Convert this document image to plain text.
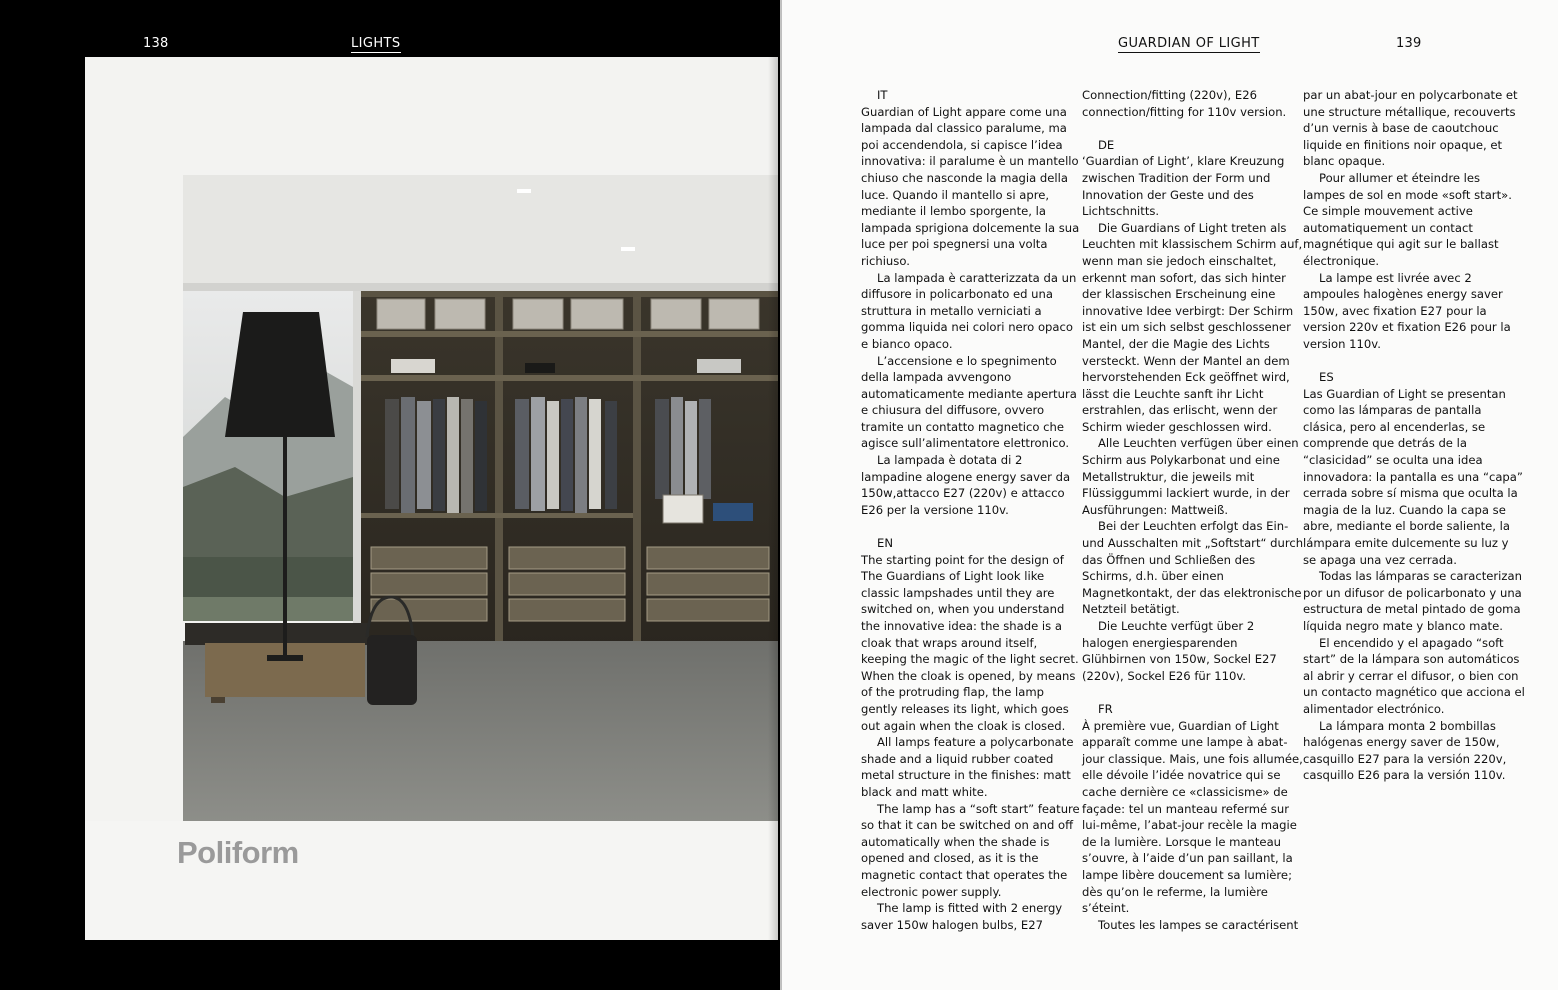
138	LIGHTS
Poliform
GUARDIAN OF LIGHT	139

IT

Guardian of Light appare come una lampada dal classico paralume, ma poi accendendola, si capisce l’idea innovativa: il paralume è un mantello chiuso che nasconde la magia della luce. Quando il mantello si apre, mediante il lembo sporgente, la lampada sprigiona dolcemente la sua luce per poi spegnersi una volta richiuso.

La lampada è caratterizzata da un diffusore in policarbonato ed una struttura in metallo verniciati a gomma liquida nei colori nero opaco e bianco opaco.

L’accensione e lo spegnimento della lampada avvengono automaticamente mediante apertura e chiusura del diffusore, ovvero tramite un contatto magnetico che agisce sull’alimentatore elettronico.

La lampada è dotata di 2 lampadine alogene energy saver da 150w,attacco E27 (220v) e attacco E26 per la versione 110v.

EN

The starting point for the design of The Guardians of Light look like classic lampshades until they are switched on, when you understand the innovative idea: the shade is a cloak that wraps around itself, keeping the magic of the light secret. When the cloak is opened, by means of the protruding flap, the lamp gently releases its light, which goes out again when the cloak is closed.

All lamps feature a polycarbonate shade and a liquid rubber coated metal structure in the finishes: matt black and matt white.

The lamp has a “soft start” feature so that it can be switched on and off automatically when the shade is opened and closed, as it is the magnetic contact that operates the electronic power supply.

The lamp is fitted with 2 energy saver 150w halogen bulbs, E27

Connection/fitting (220v), E26 connection/fitting for 110v version.

DE

‘Guardian of Light’, klare Kreuzung zwischen Tradition der Form und Innovation der Geste und des Lichtschnitts.

Die Guardians of Light treten als Leuchten mit klassischem Schirm auf, wenn man sie jedoch einschaltet, erkennt man sofort, das sich hinter der klassischen Erscheinung eine innovative Idee verbirgt: Der Schirm ist ein um sich selbst geschlossener Mantel, der die Magie des Lichts versteckt. Wenn der Mantel an dem hervorstehenden Eck geöffnet wird, lässt die Leuchte sanft ihr Licht erstrahlen, das erlischt, wenn der Schirm wieder geschlossen wird.

Alle Leuchten verfügen über einen Schirm aus Polykarbonat und eine Metallstruktur, die jeweils mit Flüssiggummi lackiert wurde, in der Ausführungen: Mattweiß.

Bei der Leuchten erfolgt das Ein- und Ausschalten mit „Softstart“ durch das Öffnen und Schließen des Schirms, d.h. über einen Magnetkontakt, der das elektronische Netzteil betätigt.

Die Leuchte verfügt über 2 halogen energiesparenden Glühbirnen von 150w, Sockel E27 (220v), Sockel E26 für 110v.

FR

À première vue, Guardian of Light apparaît comme une lampe à abat-jour classique. Mais, une fois allumée, elle dévoile l’idée novatrice qui se cache dernière ce «classicisme» de façade: tel un manteau refermé sur lui-même, l’abat-jour recèle la magie de la lumière. Lorsque le manteau s’ouvre, à l’aide d’un pan saillant, la lampe libère doucement sa lumière; dès qu’on le referme, la lumière s’éteint.

Toutes les lampes se caractérisent

par un abat-jour en polycarbonate et une structure métallique, recouverts d’un vernis à base de caoutchouc liquide en finitions noir opaque, et blanc opaque.

Pour allumer et éteindre les lampes de sol en mode «soft start». Ce simple mouvement active automatiquement un contact magnétique qui agit sur le ballast électronique.

La lampe est livrée avec 2 ampoules halogènes energy saver 150w, avec fixation E27 pour la version 220v et fixation E26 pour la version 110v.

ES

Las Guardian of Light se presentan como las lámparas de pantalla clásica, pero al encenderlas, se comprende que detrás de la “clasicidad” se oculta una idea innovadora: la pantalla es una “capa” cerrada sobre sí misma que oculta la magia de la luz. Cuando la capa se abre, mediante el borde saliente, la lámpara emite dulcemente su luz y se apaga una vez cerrada.

Todas las lámparas se caracterizan por un difusor de policarbonato y una estructura de metal pintado de goma líquida negro mate y blanco mate.

El encendido y el apagado “soft start” de la lámpara son automáticos al abrir y cerrar el difusor, o bien con un contacto magnético que acciona el alimentador electrónico.

La lámpara monta 2 bombillas halógenas energy saver de 150w, casquillo E27 para la versión 220v, casquillo E26 para la versión 110v.
